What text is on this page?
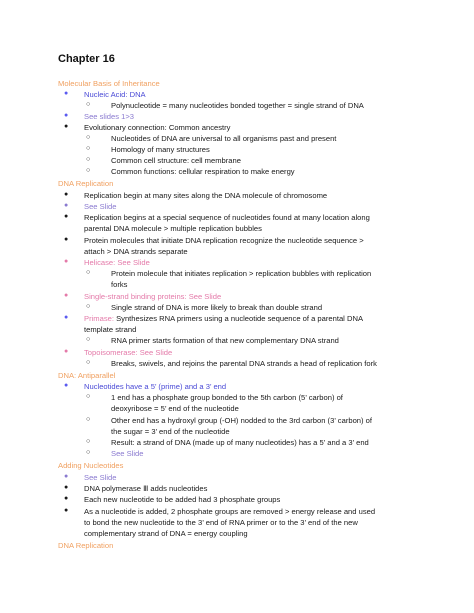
Chapter 16
Molecular Basis of Inheritance
● Nucleic Acid: DNA
○	Polynucleotide = many nucleotides bonded together = single strand of DNA
● See slides 1>3
● Evolutionary connection: Common ancestry
○	Nucleotides of DNA are universal to all organisms past and present
○	Homology of many structures
○	Common cell structure: cell membrane
○	Common functions: cellular respiration to make energy
DNA Replication
● Replication begin at many sites along the DNA molecule of chromosome
● See Slide
● Replication begins at a special sequence of nucleotides found at many location along
parental DNA molecule > multiple replication bubbles
● Protein molecules that initiate DNA replication recognize the nucleotide sequence >
attach > DNA strands separate
● Helicase: See Slide
○	Protein molecule that initiates replication > replication bubbles with replication
forks
● Single-strand binding proteins: See Slide
○	Single strand of DNA is more likely to break than double strand
● Primase: Synthesizes RNA primers using a nucleotide sequence of a parental DNA
template strand
○	RNA primer starts formation of that new complementary DNA strand
● Topoisomerase: See Slide
○	Breaks, swivels, and rejoins the parental DNA strands a head of replication fork
DNA: Antiparallel
● Nucleotides have a 5’ (prime) and a 3’ end
○	1 end has a phosphate group bonded to the 5th carbon (5’ carbon) of
deoxyribose = 5’ end of the nucleotide
○	Other end has a hydroxyl group (-OH) nodded to the 3rd carbon (3’ carbon) of
the sugar = 3’ end of the nucleotide
○	Result: a strand of DNA (made up of many nucleotides) has a 5’ and a 3’ end
○	See Slide
Adding Nucleotides
● See Slide
● DNA polymerase Ⅲ adds nucleotides
● Each new nucleotide to be added had 3 phosphate groups
● As a nucleotide is added, 2 phosphate groups are removed > energy release and used
to bond the new nucleotide to the 3’ end of RNA primer or to the 3’ end of the new
complementary strand of DNA = energy coupling
DNA Replication
